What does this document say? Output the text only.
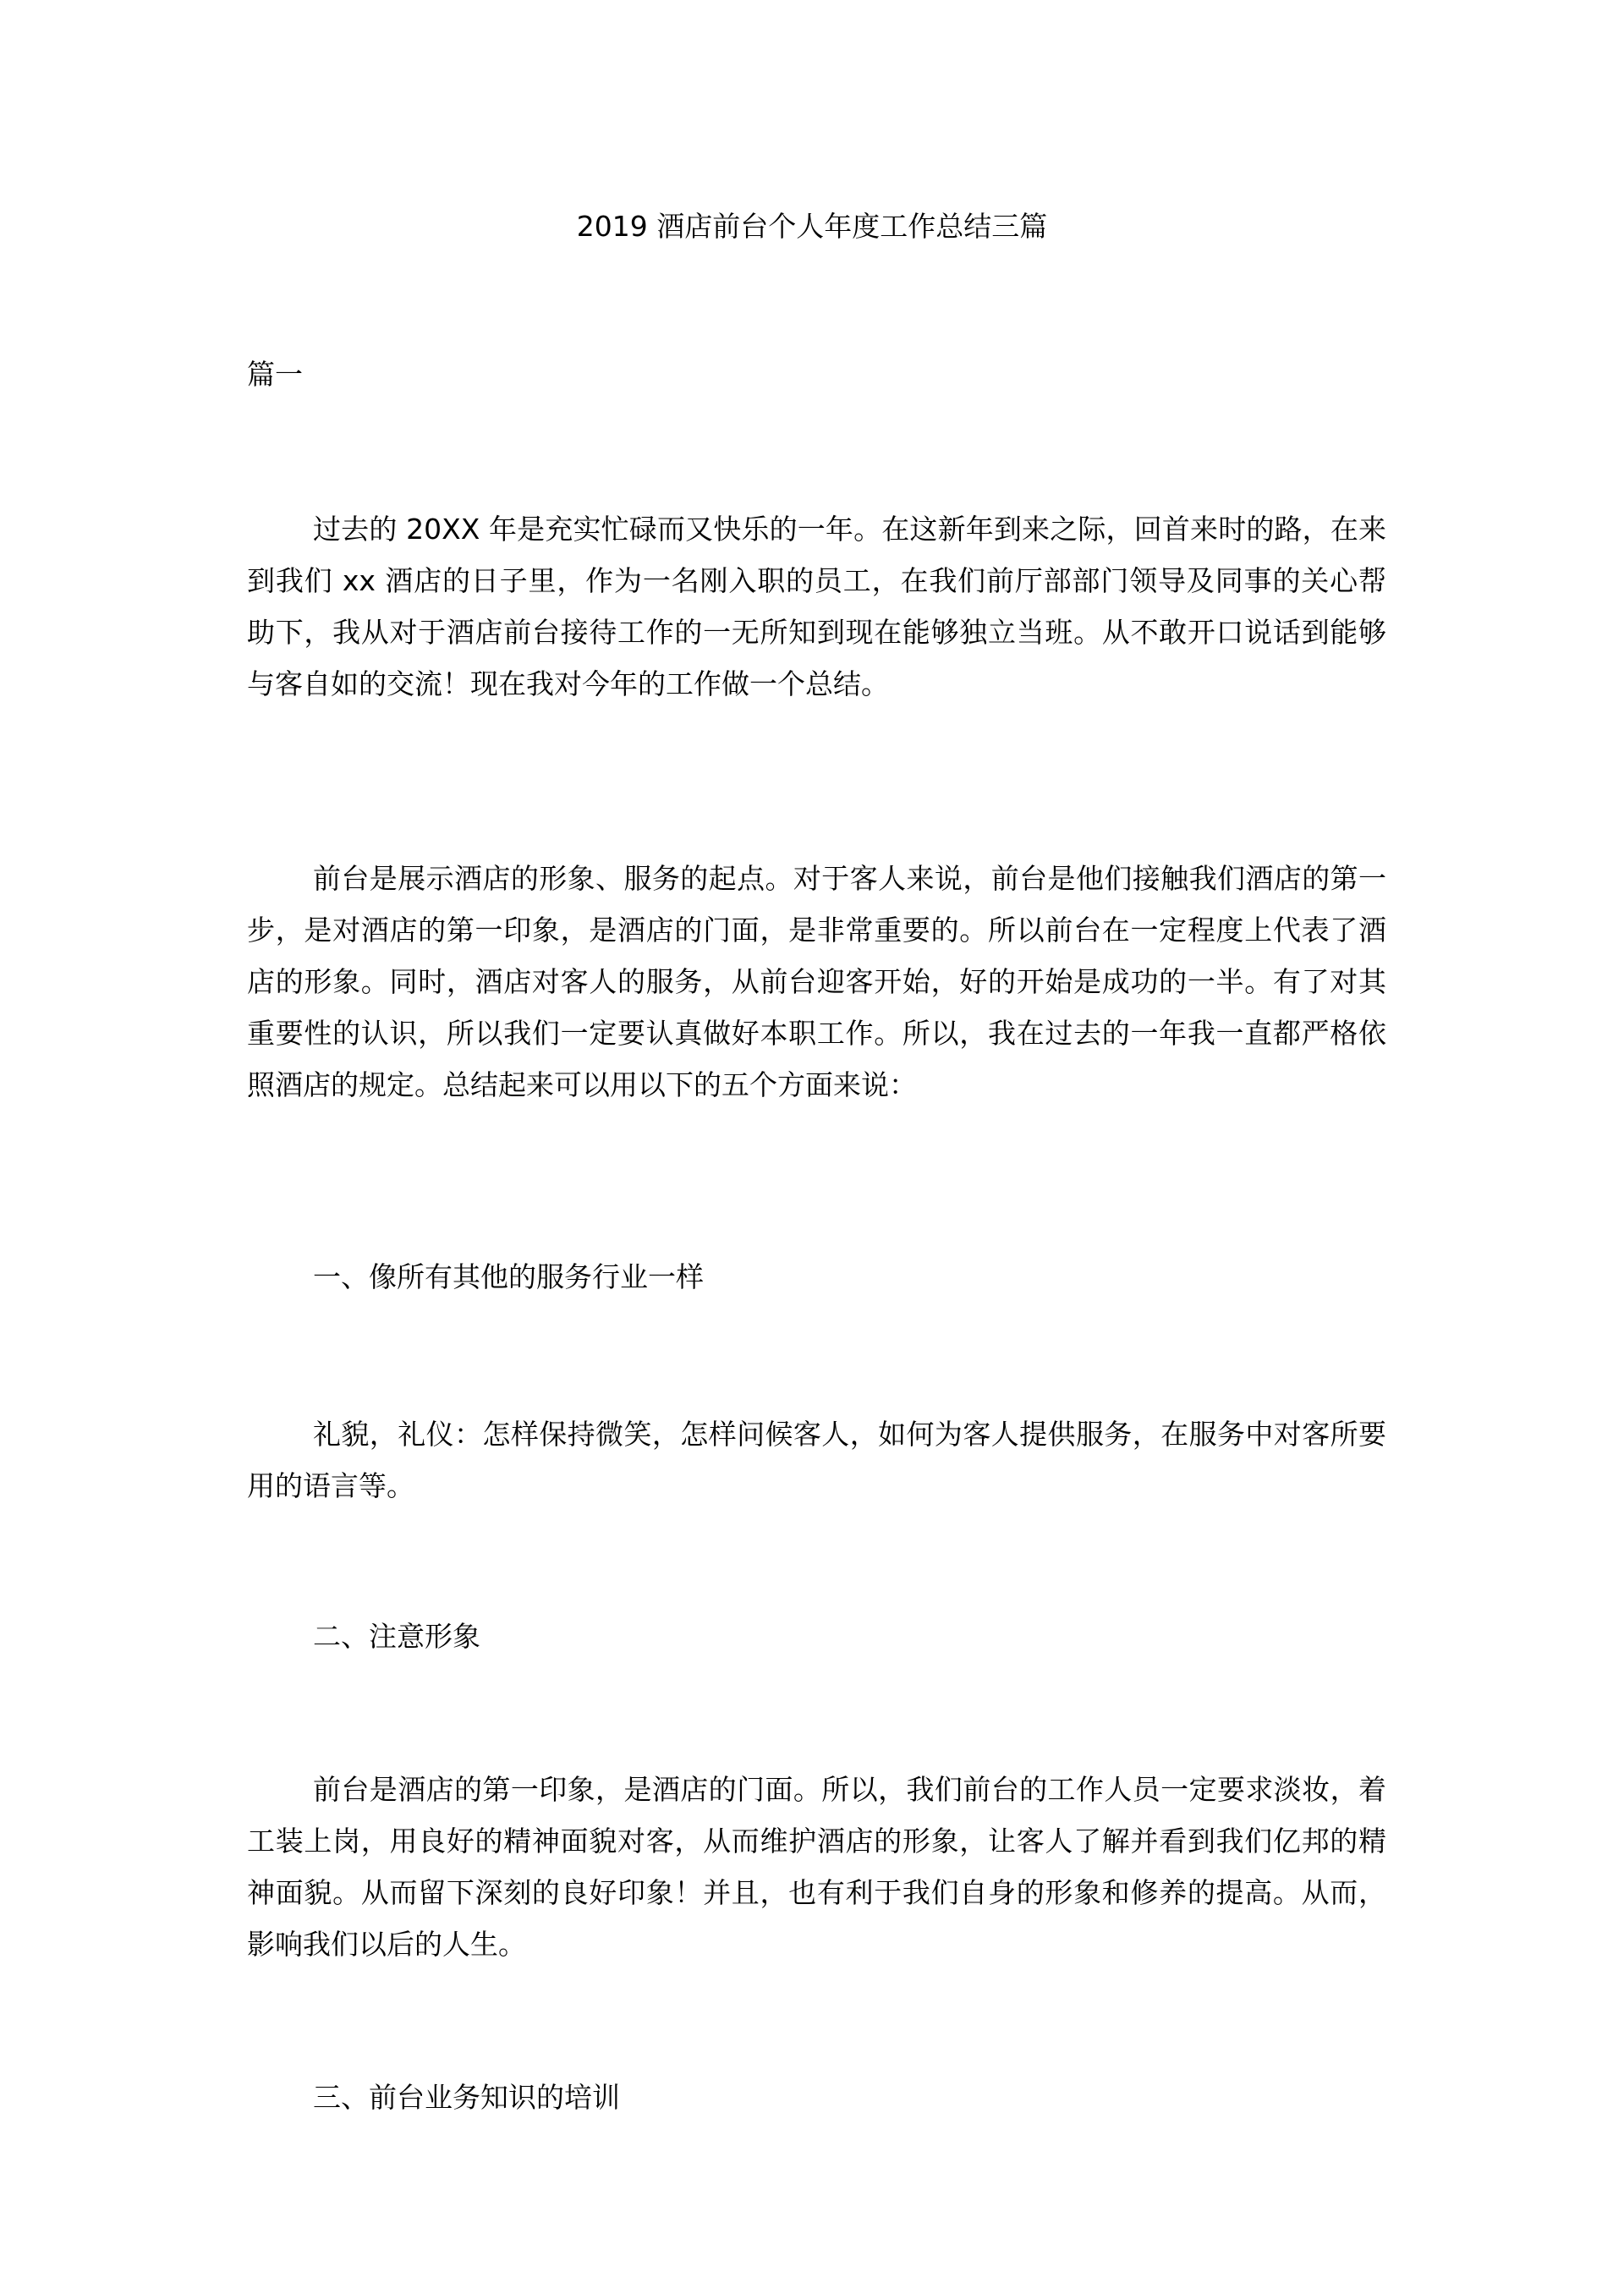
2019 酒店前台个人年度工作总结三篇
篇一

过去的 20XX 年是充实忙碌而又快乐的一年。在这新年到来之际，回首来时的路，在来到我们 xx 酒店的日子里，作为一名刚入职的员工，在我们前厅部部门领导及同事的关心帮助下，我从对于酒店前台接待工作的一无所知到现在能够独立当班。从不敢开口说话到能够与客自如的交流！现在我对今年的工作做一个总结。

前台是展示酒店的形象、服务的起点。对于客人来说，前台是他们接触我们酒店的第一步，是对酒店的第一印象，是酒店的门面，是非常重要的。所以前台在一定程度上代表了酒店的形象。同时，酒店对客人的服务，从前台迎客开始，好的开始是成功的一半。有了对其重要性的认识，所以我们一定要认真做好本职工作。所以，我在过去的一年我一直都严格依照酒店的规定。总结起来可以用以下的五个方面来说：

一、像所有其他的服务行业一样

礼貌，礼仪：怎样保持微笑，怎样问候客人，如何为客人提供服务，在服务中对客所要用的语言等。

二、注意形象

前台是酒店的第一印象，是酒店的门面。所以，我们前台的工作人员一定要求淡妆，着工装上岗，用良好的精神面貌对客，从而维护酒店的形象，让客人了解并看到我们亿邦的精神面貌。从而留下深刻的良好印象！并且，也有利于我们自身的形象和修养的提高。从而，影响我们以后的人生。

三、前台业务知识的培训
